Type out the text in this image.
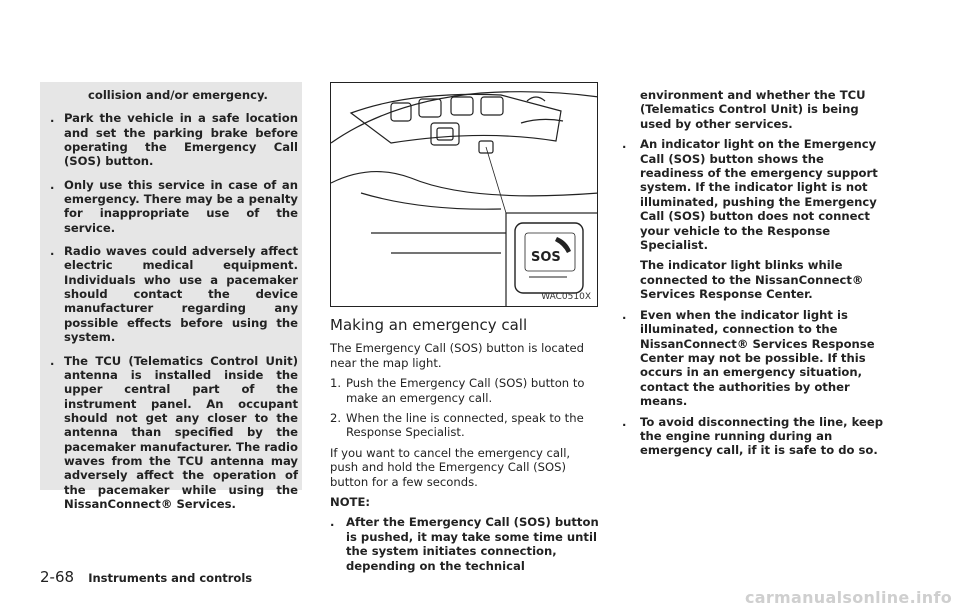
collision and/or emergency.

. Park the vehicle in a safe location and set the parking brake before operating the Emergency Call (SOS) button.
. Only use this service in case of an emergency. There may be a penalty for inappropriate use of the service.
. Radio waves could adversely affect electric medical equipment. Individuals who use a pacemaker should contact the device manufacturer regarding any possible effects before using the system.
. The TCU (Telematics Control Unit) antenna is installed inside the upper central part of the instrument panel. An occupant should not get any closer to the antenna than specified by the pacemaker manufacturer. The radio waves from the TCU antenna may adversely affect the operation of the pacemaker while using the NissanConnect® Services.
SOS
WAC0510X
Making an emergency call

The Emergency Call (SOS) button is located near the map light.

1. Push the Emergency Call (SOS) button to make an emergency call.
2. When the line is connected, speak to the Response Specialist.

If you want to cancel the emergency call, push and hold the Emergency Call (SOS) button for a few seconds.

NOTE:

. After the Emergency Call (SOS) button is pushed, it may take some time until the system initiates connection, depending on the technical
environment and whether the TCU (Telematics Control Unit) is being used by other services.
.	An indicator light on the Emergency Call (SOS) button shows the readiness of the emergency support system. If the indicator light is not illuminated, pushing the Emergency Call (SOS) button does not connect your vehicle to the Response Specialist.
The indicator light blinks while connected to the NissanConnect® Services Response Center.
.	Even when the indicator light is illuminated, connection to the NissanConnect® Services Response Center may not be possible. If this occurs in an emergency situation, contact the authorities by other means.
.	To avoid disconnecting the line, keep the engine running during an emergency call, if it is safe to do so.
2-68 Instruments and controls
carmanualsonline.info
